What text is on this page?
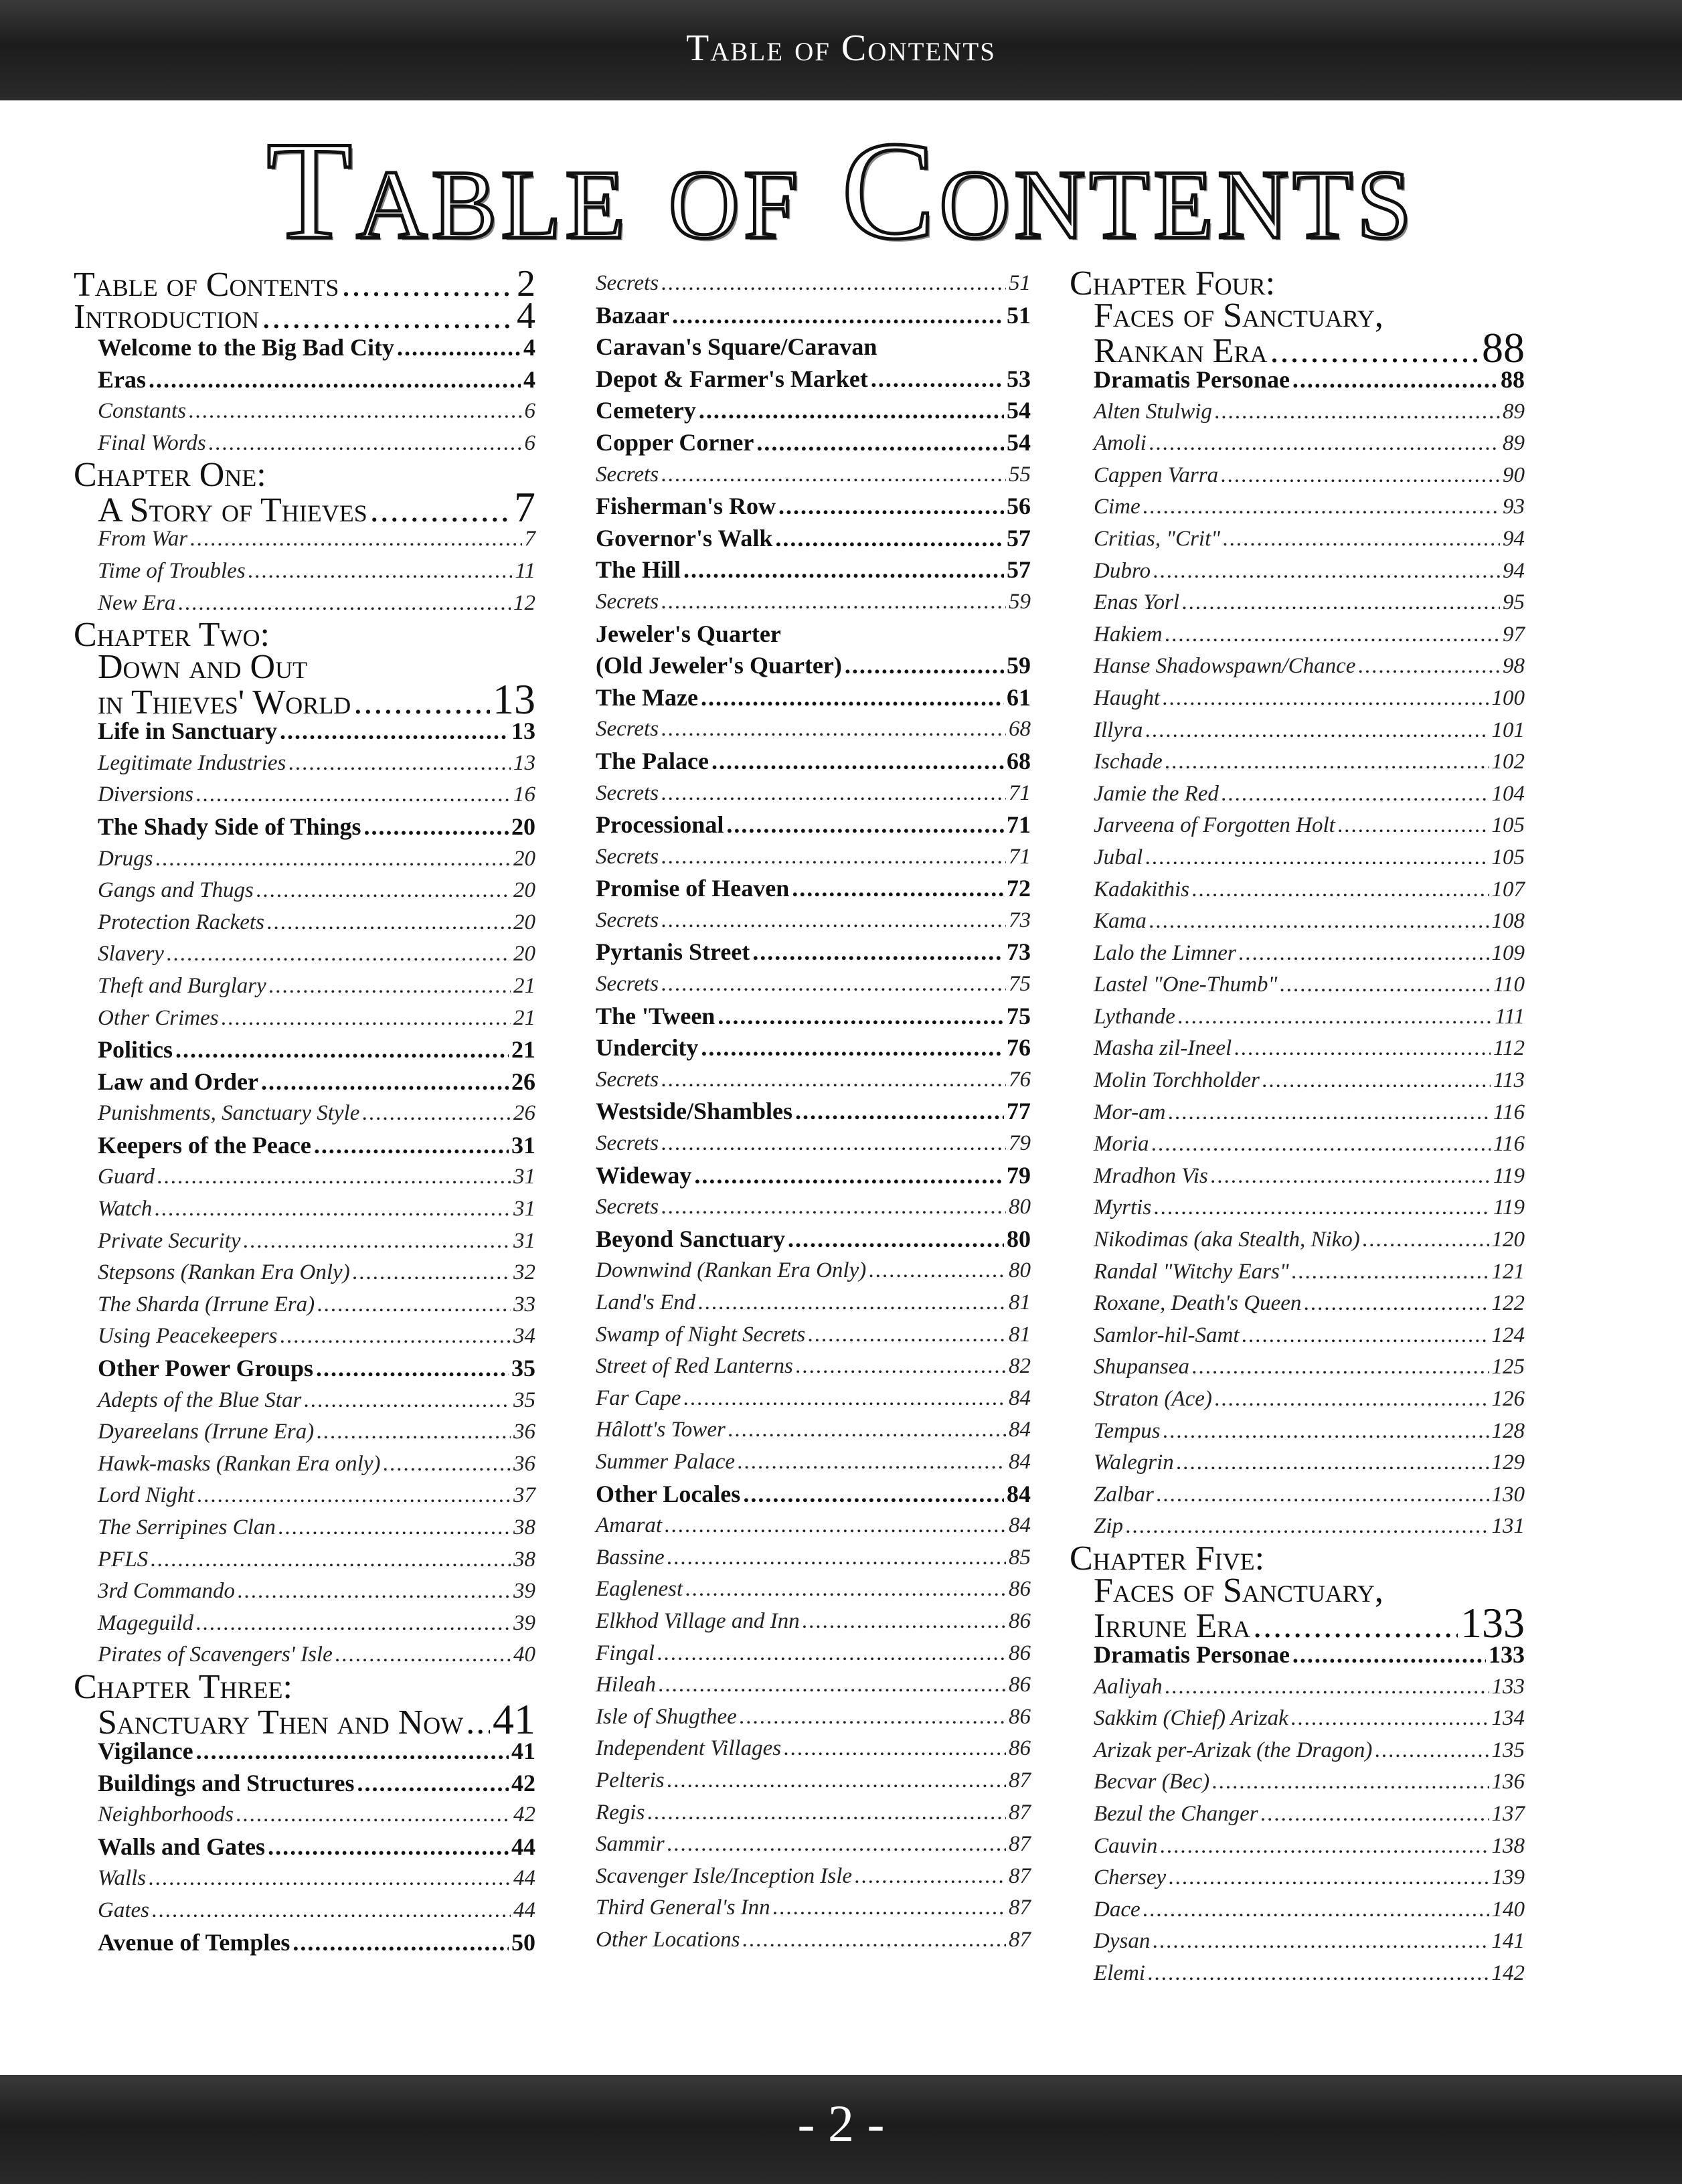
Table of Contents
Table of Contents
Table of Contents .....	2
Introduction .....	4
Welcome to the Big Bad City .....	4
Eras .....	4
Constants .....	6
Final Words .....	6
Chapter One:
A Story of Thieves .....	7
From War .....	7
Time of Troubles .....	11
New Era .....	12
Chapter Two:
Down and Out
in Thieves' World .....	13
Life in Sanctuary .....	13
Legitimate Industries .....	13
Diversions .....	16
The Shady Side of Things .....	20
Drugs .....	20
Gangs and Thugs .....	20
Protection Rackets .....	20
Slavery .....	20
Theft and Burglary .....	21
Other Crimes .....	21
Politics .....	21
Law and Order .....	26
Punishments, Sanctuary Style .....	26
Keepers of the Peace .....	31
Guard .....	31
Watch .....	31
Private Security .....	31
Stepsons (Rankan Era Only) .....	32
The Sharda (Irrune Era) .....	33
Using Peacekeepers .....	34
Other Power Groups .....	35
Adepts of the Blue Star .....	35
Dyareelans (Irrune Era) .....	36
Hawk-masks (Rankan Era only) .....	36
Lord Night .....	37
The Serripines Clan .....	38
PFLS .....	38
3rd Commando .....	39
Mageguild .....	39
Pirates of Scavengers' Isle .....	40
Chapter Three:
Sanctuary Then and Now ..... 41
Vigilance .....	41
Buildings and Structures .....	42
Neighborhoods .....	42
Walls and Gates .....	44
Walls .....	44
Gates .....	44
Avenue of Temples .....	50
Secrets .....	51
Bazaar .....	51
Caravan's Square/Caravan
Depot & Farmer's Market .....	53
Cemetery .....	54
Copper Corner .....	54
Secrets .....	55
Fisherman's Row .....	56
Governor's Walk .....	57
The Hill .....	57
Secrets .....	59
Jeweler's Quarter
(Old Jeweler's Quarter) .....	59
The Maze .....	61
Secrets .....	68
The Palace .....	68
Secrets .....	71
Processional .....	71
Secrets .....	71
Promise of Heaven .....	72
Secrets .....	73
Pyrtanis Street .....	73
Secrets .....	75
The 'Tween .....	75
Undercity .....	76
Secrets .....	76
Westside/Shambles .....	77
Secrets .....	79
Wideway .....	79
Secrets .....	80
Beyond Sanctuary .....	80
Downwind (Rankan Era Only) .....	80
Land's End .....	81
Swamp of Night Secrets .....	81
Street of Red Lanterns .....	82
Far Cape .....	84
Hâlott's Tower .....	84
Summer Palace .....	84
Other Locales .....	84
Amarat .....	84
Bassine .....	85
Eaglenest .....	86
Elkhod Village and Inn .....	86
Fingal .....	86
Hileah .....	86
Isle of Shugthee .....	86
Independent Villages .....	86
Pelteris .....	87
Regis .....	87
Sammir .....	87
Scavenger Isle/Inception Isle .....	87
Third General's Inn .....	87
Other Locations .....	87
Chapter Four:
Faces of Sanctuary,
Rankan Era .....	88
Dramatis Personae .....	88
Alten Stulwig .....	89
Amoli .....	89
Cappen Varra .....	90
Cime .....	93
Critias, "Crit" .....	94
Dubro .....	94
Enas Yorl .....	95
Hakiem .....	97
Hanse Shadowspawn/Chance .....	98
Haught .....	100
Illyra .....	101
Ischade .....	102
Jamie the Red .....	104
Jarveena of Forgotten Holt .....	105
Jubal .....	105
Kadakithis .....	107
Kama .....	108
Lalo the Limner .....	109
Lastel "One-Thumb" .....	110
Lythande .....	111
Masha zil-Ineel .....	112
Molin Torchholder .....	113
Mor-am .....	116
Moria .....	116
Mradhon Vis .....	119
Myrtis .....	119
Nikodimas (aka Stealth, Niko) .....	120
Randal "Witchy Ears" .....	121
Roxane, Death's Queen .....	122
Samlor-hil-Samt .....	124
Shupansea .....	125
Straton (Ace) .....	126
Tempus .....	128
Walegrin .....	129
Zalbar .....	130
Zip .....	131
Chapter Five:
Faces of Sanctuary,
Irrune Era .....	133
Dramatis Personae .....	133
Aaliyah .....	133
Sakkim (Chief) Arizak .....	134
Arizak per-Arizak (the Dragon) .....	135
Becvar (Bec) .....	136
Bezul the Changer .....	137
Cauvin .....	138
Chersey .....	139
Dace .....	140
Dysan .....	141
Elemi .....	142
- 2 -
